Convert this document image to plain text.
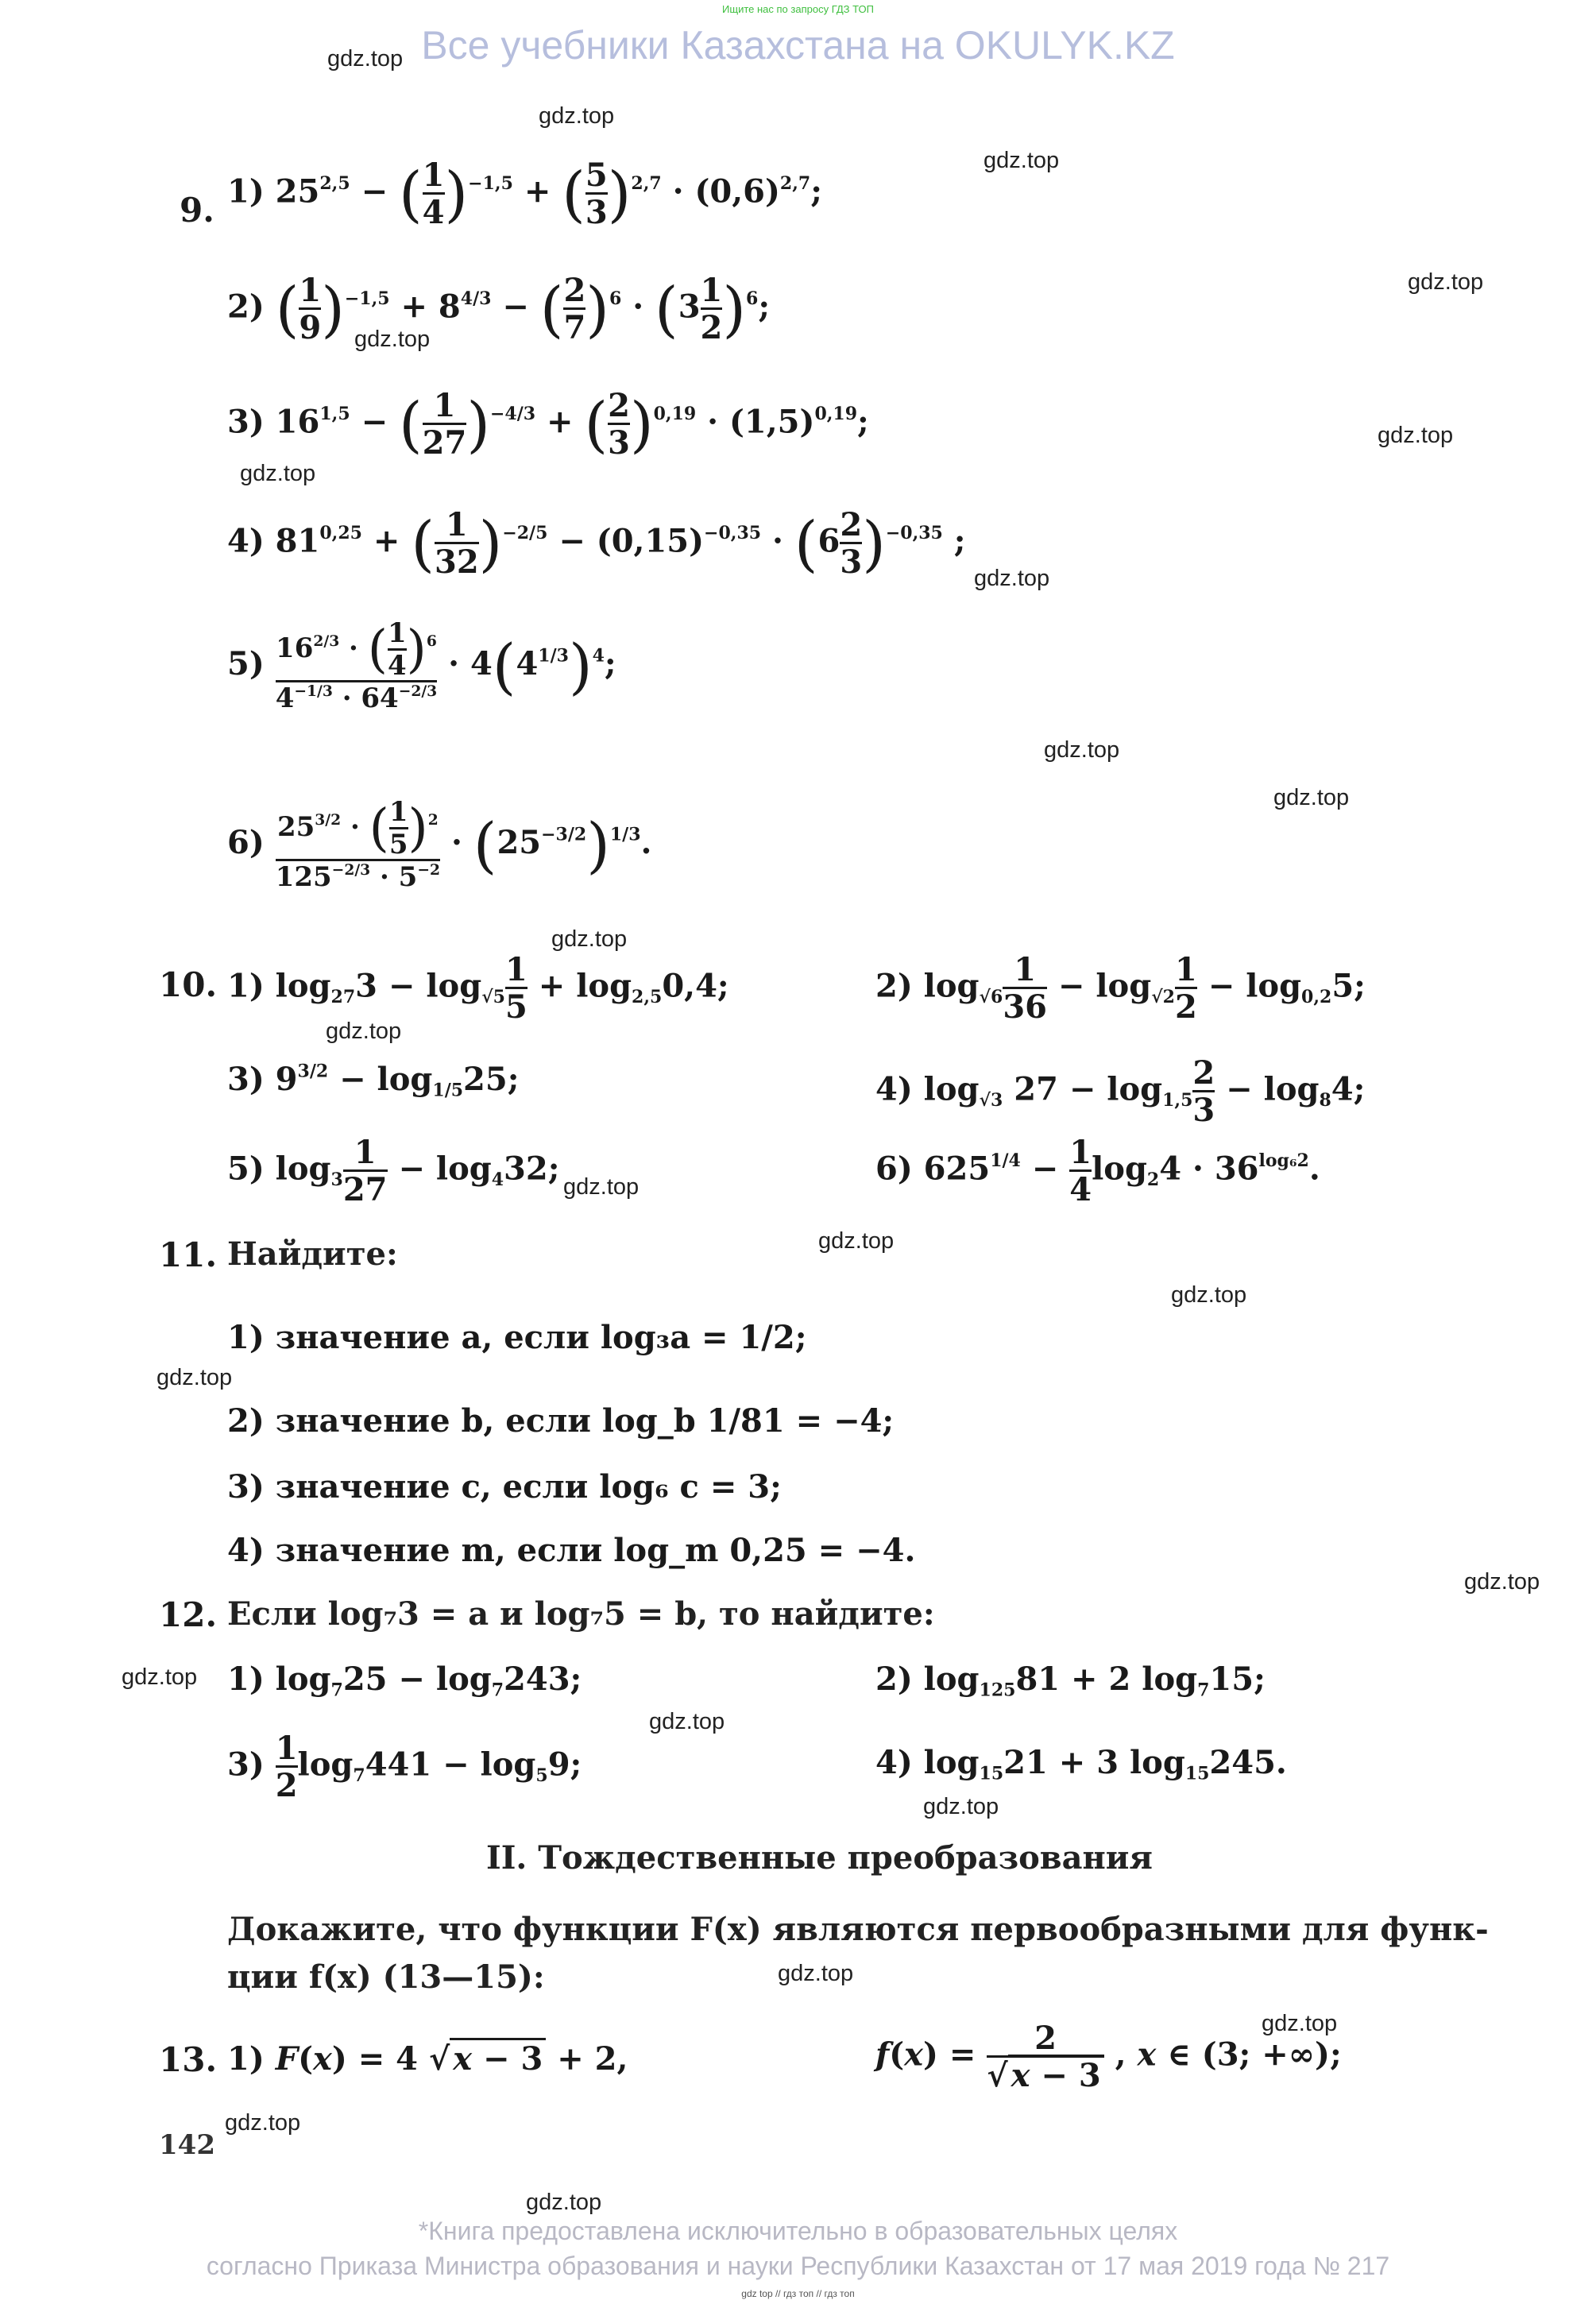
Ищите нас по запросу ГДЗ ТОП
Все учебники Казахстана на OKULYK.KZ
gdz.top
gdz.top
gdz.top
gdz.top
gdz.top
gdz.top
gdz.top
gdz.top
gdz.top
gdz.top
gdz.top
gdz.top
gdz.top
gdz.top
gdz.top
gdz.top
gdz.top
gdz.top
gdz.top
gdz.top
gdz.top
gdz.top
gdz.top
gdz.top
9. 1) $25^{2,5}$ − ( $\frac{1}{4} )^{-1,5}$ + ( $\frac{5}{3} )^{2,7} \cdot (0,6)^{2,7}$;
2) ( $\frac{1}{9} )^{-1,5} + 8^{4/3}$ − ( $\frac{2}{7} )^6 \cdot (3 \frac{1}{2} )^6$;
3) $16^{1,5}$ − ( $\frac{1}{27} )^{-4/3}$ + ( $\frac{2}{3} )^{0,19} \cdot (1,5)^{0,19}$;
4) $81^{0,25}$ + ( $\frac{1}{32} )^{-2/5} - (0,15)^{-0,35} \cdot (6 \frac{2}{3} )^{-0,35}$ ;
$5) \frac{16^{2/3} \cdot ( \frac{1}{4} )^6}{4^{-1/3} \cdot 64^{-2/3}} \cdot 4(4^{1/3})^4$;
$6) \frac{25^{3/2} \cdot ( \frac{1}{5} )^2}{125^{-2/3} \cdot 5^{-2}} \cdot (25^{-3/2})^{1/3}$.
10. 1) $\log_{27}3 - \log_{√5} \frac{1}{5} + \log_{2,5}0,4$;	2) $\log_{√6} \frac{1}{36} - \log_{√2} \frac{1}{2} - \log_{0,2}5$;
3) $9^{3/2} - \log_{1/5}25$;	4) $\log_{√3} 27 - \log_{1,5} \frac{2}{3} - \log_84$;
5) $\log_3 \frac{1}{27} - \log_432$;	6) $625^{1/4} - \frac{1}{4} \log_24 \cdot 36^{log_62}$.
11. Найдите:
1) значение a, если log₃a = 1/2;
2) значение b, если log_b 1/81 = −4;
3) значение c, если log₆ c = 3;
4) значение m, если log_m 0,25 = −4.
12. Если log₇3 = a и log₇5 = b, то найдите:
1) $\log_725 - \log_7243$;	2) $\log_{125}81 + 2$ $\log_715$;
$3) \frac{1}{2} \log_7441 - \log_59$;	4) $\log_{15}21 + 3$ $\log_{15}245$.
II. Тождественные преобразования
Докажите, что функции F(x) являются первообразными для функ-
ции f(x) (13—15):
13. 1) F(x) = 4 √ x − 3 + 2,	$f(x) = \frac{2}{√ x - 3}$ , x ∈ (3; +∞);
142
*Книга предоставлена исключительно в образовательных целях
согласно Приказа Министра образования и науки Республики Казахстан от 17 мая 2019 года № 217
gdz top // гдз топ // гдз топ
